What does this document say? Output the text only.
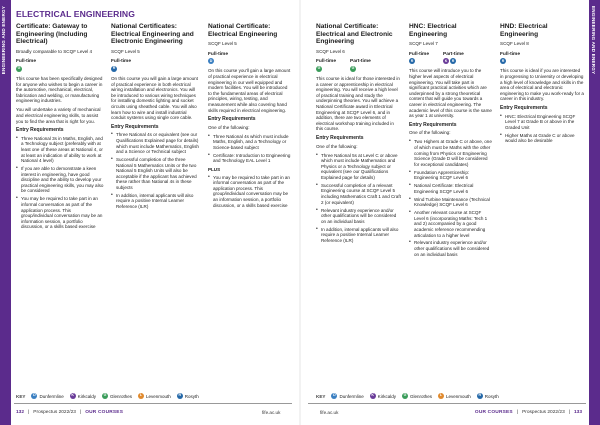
ENGINEERING AND ENERGY	ENGINEERING AND ENERGY
ELECTRICAL ENGINEERING
Certificate: Gateway to Engineering (Including Electrical)
Broadly comparable to SCQF Level 4
Full-time
G

This course has been specifically designed for anyone who wishes to begin a career in the automotive, mechanical, electrical, fabrication and welding, or manufacturing engineering industries.

You will undertake a variety of mechanical and electrical engineering skills, to assist you to find the area that is right for you.

Entry Requirements
• Three National 3s in Maths, English, and a Technology subject (preferably with at least one of these areas at National 4, or at least an indication of ability to work at National 4 level)
• If you are able to demonstrate a keen interest in engineering, have good discipline and the ability to develop your practical engineering skills, you may also be considered
• You may be required to take part in an informal conversation as part of the application process. This group/individual conversation may be an information session, a portfolio discussion, or a skills based exercise
National Certificates: Electrical Engineering and Electronic Engineering
SCQF Level 5
Full-time
R

On this course you will gain a large amount of practical experience in both electrical wiring installation and electronics. You will be introduced to various wiring techniques for installing domestic lighting and socket circuits using sheathed cable. You will also learn how to wire and install industrial conduit systems using single core cable.

Entry Requirements
• Three National 4s or equivalent (see our Qualifications Explained page for details) which must include Mathematics, English and a Science or Technical subject
• Successful completion of the three National 5 Mathematics Units or the two National 5 English Units will also be acceptable if the applicant has achieved these rather than National 4s in these subjects
• In addition, internal applicants will also require a positive Internal Learner Reference (ILR)
National Certificate: Electrical Engineering
SCQF Level 5
Full-time
D

On this course you'll gain a large amount of practical experience in electrical engineering in our well equipped and modern facilities. You will be introduced to the fundamental areas of electrical principles, wiring, testing, and measurement while also covering hand skills required in electrical engineering.

Entry Requirements

One of the following:

• Three National 4s which must include Maths, English, and a Technology or Science-based subject
• Certificate: Introduction to Engineering and Technology EAL Level 1
PLUS
• You may be required to take part in an informal conversation as part of the application process. This group/individual conversation may be an information session, a portfolio discussion, or a skills based exercise
National Certificate: Electrical and Electronic Engineering
SCQF Level 6
Full-time
G
Part-time
G

This course is ideal for those interested in a career or apprenticeship in electrical engineering. You will receive a high level of practical training and study the underpinning theories. You will achieve a National Certificate award in Electrical Engineering at SCQF Level 6, and in addition, there are two elements of electrical workshop training included in this course.

Entry Requirements

One of the following:

• Three National 5s at Level C or above which must include Mathematics and Physics or a Technology subject or equivalent (see our Qualifications Explained page for details)
• Successful completion of a relevant Engineering course at SCQF Level 5 including Mathematics Craft 1 and Craft 2 (or equivalent)
• Relevant industry experience and/or other qualifications will be considered on an individual basis
• In addition, internal applicants will also require a positive Internal Learner Reference (ILR)
HNC: Electrical Engineering
SCQF Level 7
Full-time
R
Part-time
K	R

This course will introduce you to the higher level aspects of electrical engineering. You will take part in significant practical activities which are underpinned by a strong theoretical content that will guide you towards a career in electrical engineering. The academic level of this course is the same as year 1 at university.

Entry Requirements

One of the following:

• Two Highers at Grade C or above, one of which must be Maths with the other coming from Physics or Engineering Science (Grade D will be considered for exceptional candidates)
• Foundation Apprenticeship: Engineering SCQF Level 6
• National Certificate: Electrical Engineering SCQF Level 6
• Wind Turbine Maintenance (Technical Knowledge) SCQF Level 6
• Another relevant course at SCQF Level 6 (incorporating Maths: Tech 1 and 2) accompanied by a good academic reference recommending articulation to a higher level
• Relevant industry experience and/or other qualifications will be considered on an individual basis
HND: Electrical Engineering
SCQF Level 8
Full-time
R

This course is ideal if you are interested in progressing to University or developing a high level of knowledge and skills in the area of electrical and electronic engineering to make you work-ready for a career in this industry.

Entry Requirements
• HNC: Electrical Engineering SCQF Level 7 at Grade B or above in the Graded Unit
• Higher Maths at Grade C or above would also be desirable
KEY	D Dunfermline	K Kirkcaldy	G Glenrothes	L Levenmouth	R Rosyth	KEY	D Dunfermline	K Kirkcaldy	G Glenrothes	L Levenmouth	R Rosyth
132 | Prospectus 2022/23 | OUR COURSES	fife.ac.uk	fife.ac.uk	OUR COURSES | Prospectus 2022/23 | 133
